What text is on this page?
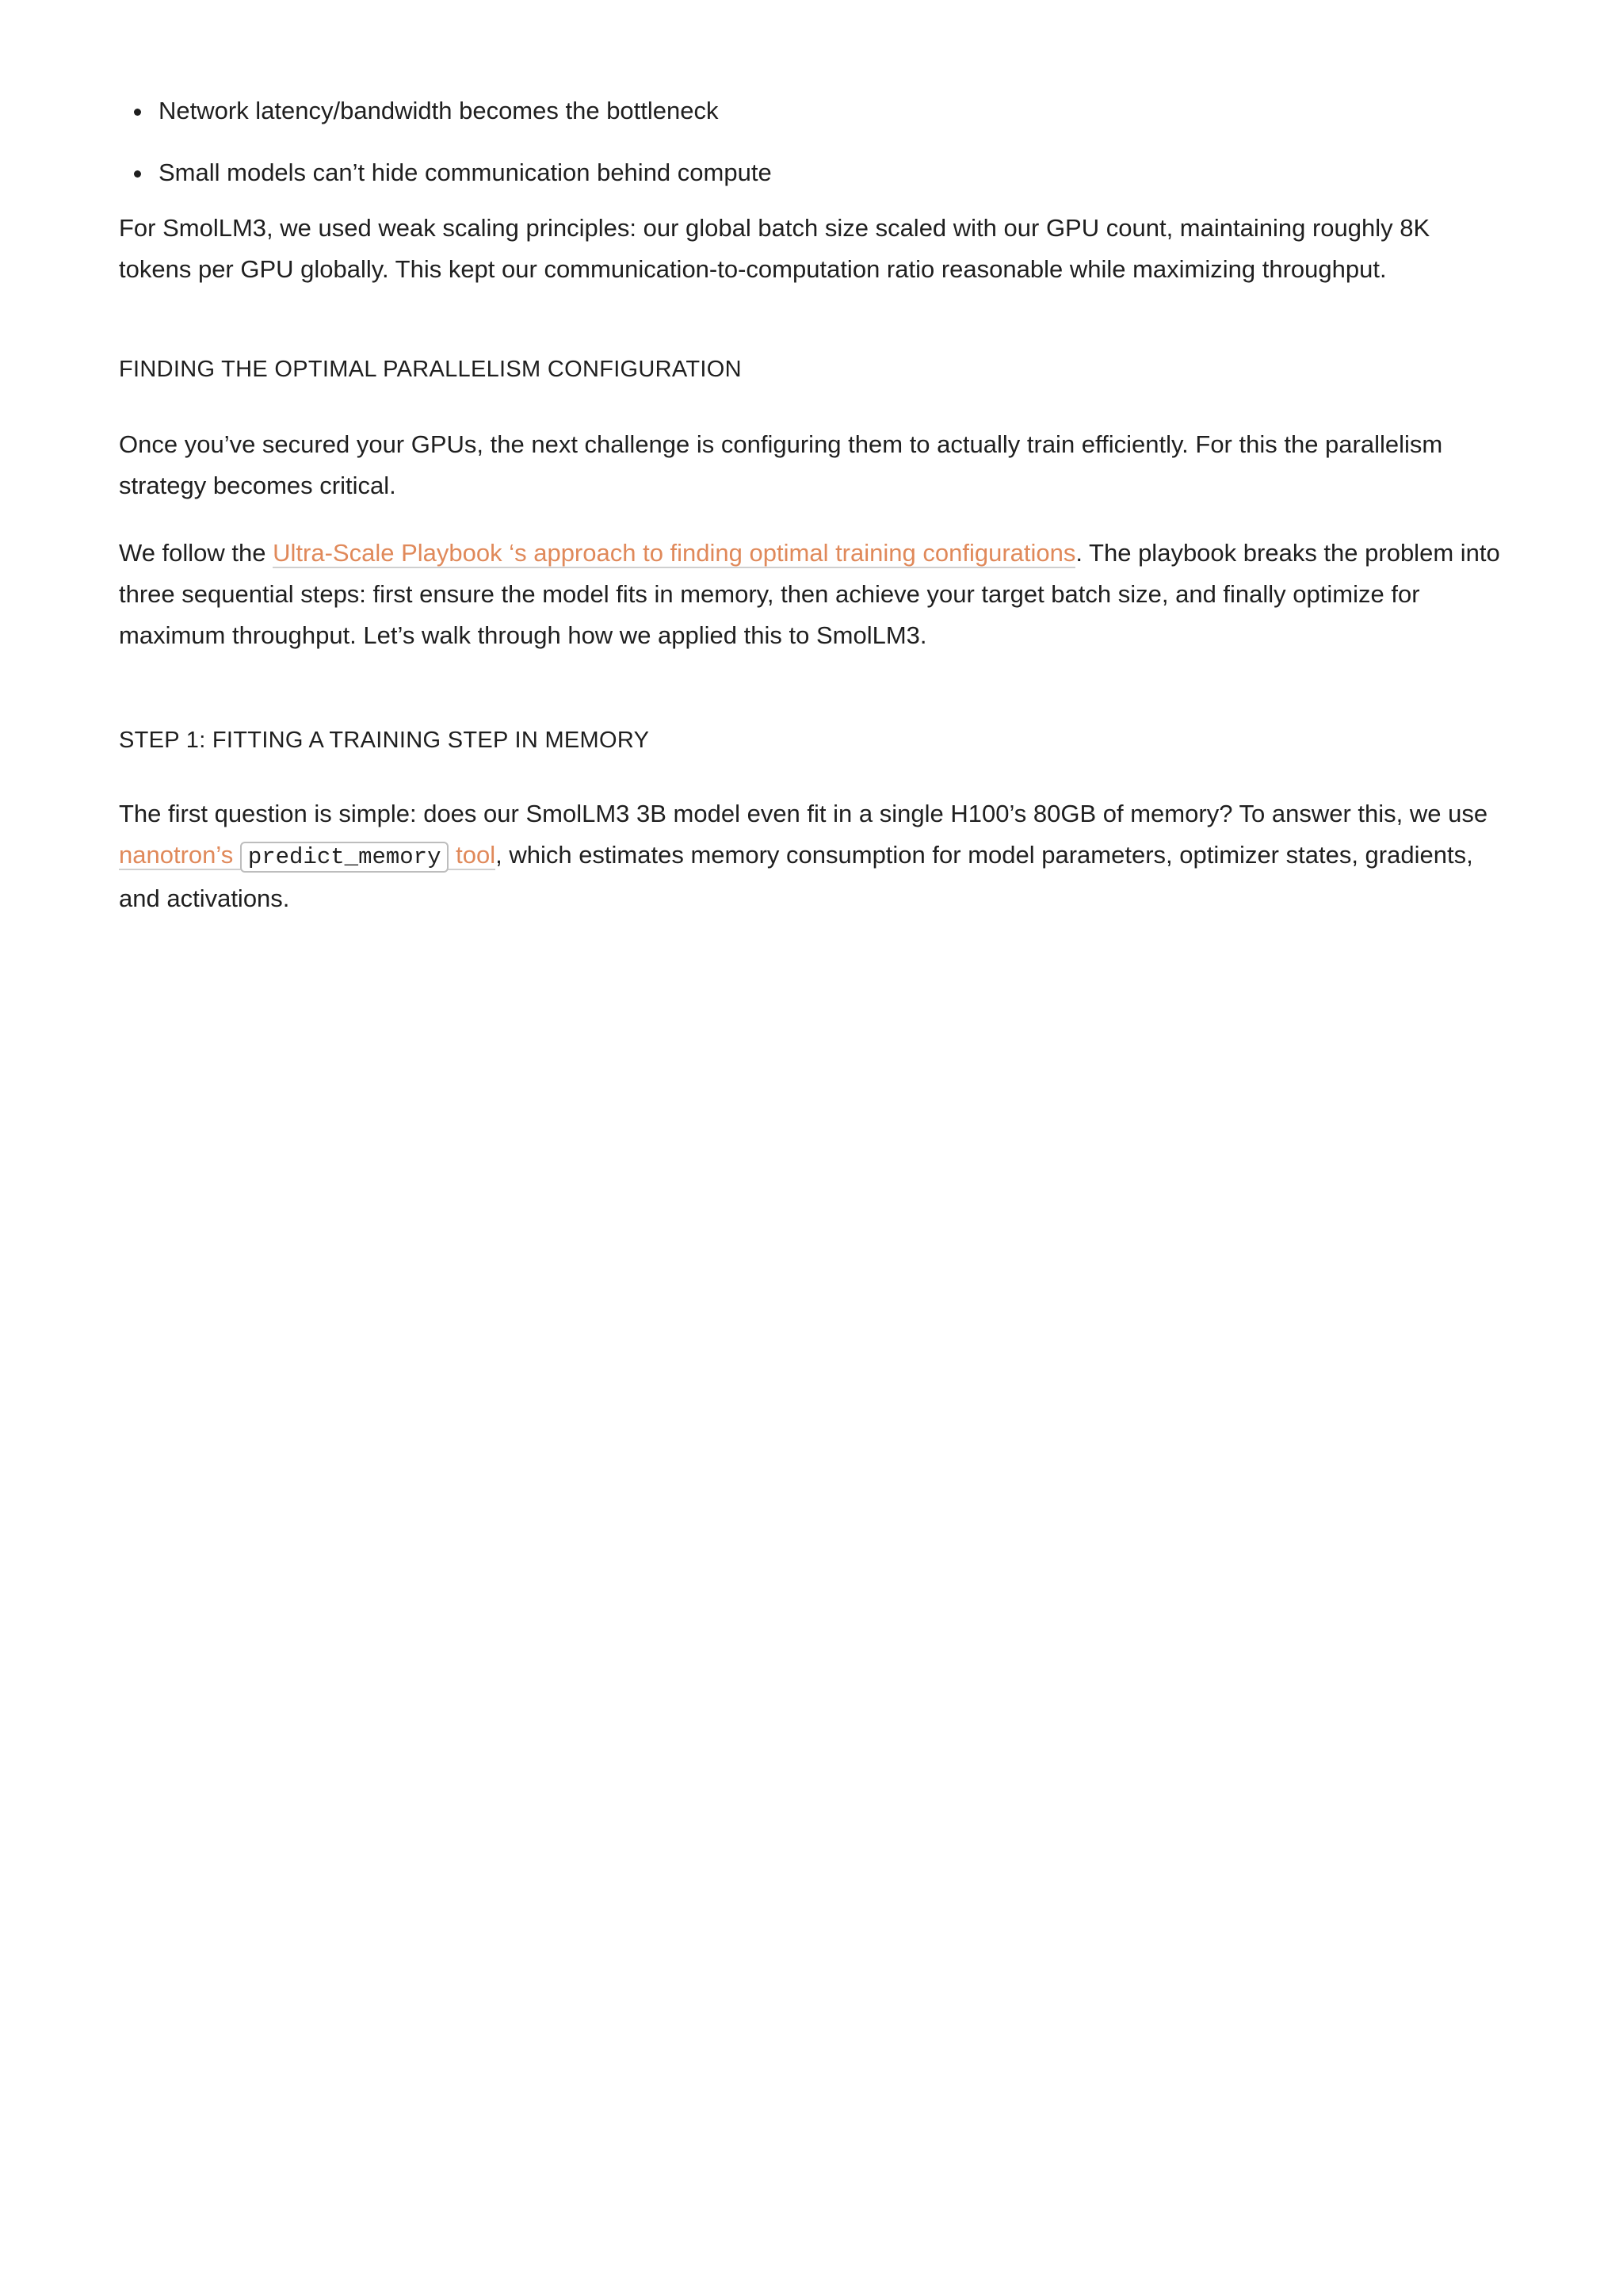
Network latency/bandwidth becomes the bottleneck
Small models can’t hide communication behind compute

For SmolLM3, we used weak scaling principles: our global batch size scaled with our GPU count, maintaining roughly 8K tokens per GPU globally. This kept our communication-to-computation ratio reasonable while maximizing throughput.

FINDING THE OPTIMAL PARALLELISM CONFIGURATION

Once you’ve secured your GPUs, the next challenge is configuring them to actually train efficiently. For this the parallelism strategy becomes critical.

We follow the Ultra-Scale Playbook ‘s approach to finding optimal training configurations. The playbook breaks the problem into three sequential steps: first ensure the model fits in memory, then achieve your target batch size, and finally optimize for maximum throughput. Let’s walk through how we applied this to SmolLM3.

STEP 1: FITTING A TRAINING STEP IN MEMORY

The first question is simple: does our SmolLM3 3B model even fit in a single H100’s 80GB of memory? To answer this, we use nanotron’s predict_memory tool, which estimates memory consumption for model parameters, optimizer states, gradients, and activations.
